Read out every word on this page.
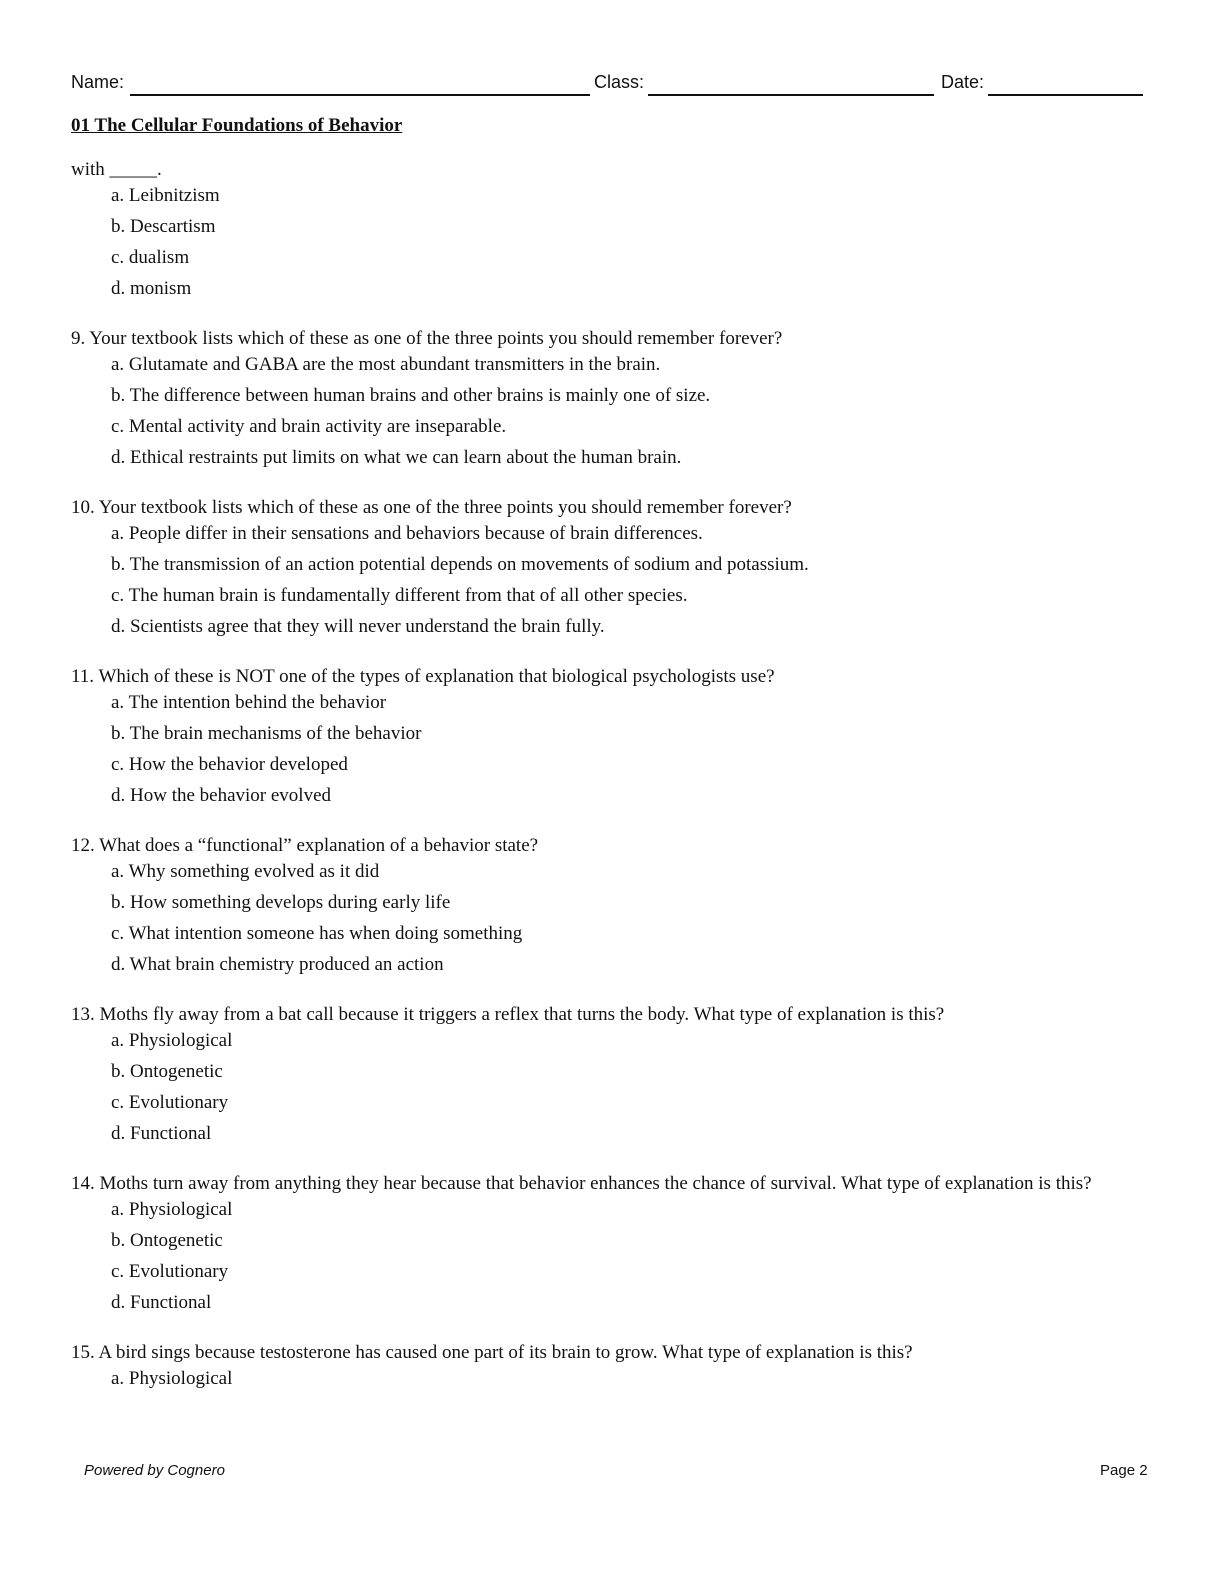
Name:	Class:	Date:
01 The Cellular Foundations of Behavior

with _____.

a. Leibnitzism
b. Descartism
c. dualism
d. monism

9. Your textbook lists which of these as one of the three points you should remember forever?

a. Glutamate and GABA are the most abundant transmitters in the brain.
b. The difference between human brains and other brains is mainly one of size.
c. Mental activity and brain activity are inseparable.
d. Ethical restraints put limits on what we can learn about the human brain.

10. Your textbook lists which of these as one of the three points you should remember forever?

a. People differ in their sensations and behaviors because of brain differences.
b. The transmission of an action potential depends on movements of sodium and potassium.
c. The human brain is fundamentally different from that of all other species.
d. Scientists agree that they will never understand the brain fully.

11. Which of these is NOT one of the types of explanation that biological psychologists use?

a. The intention behind the behavior
b. The brain mechanisms of the behavior
c. How the behavior developed
d. How the behavior evolved

12. What does a “functional” explanation of a behavior state?

a. Why something evolved as it did
b. How something develops during early life
c. What intention someone has when doing something
d. What brain chemistry produced an action

13. Moths fly away from a bat call because it triggers a reflex that turns the body. What type of explanation is this?

a. Physiological
b. Ontogenetic
c. Evolutionary
d. Functional

14. Moths turn away from anything they hear because that behavior enhances the chance of survival. What type of explanation is this?

a. Physiological
b. Ontogenetic
c. Evolutionary
d. Functional

15. A bird sings because testosterone has caused one part of its brain to grow. What type of explanation is this?

a. Physiological
Powered by Cognero	Page 2
